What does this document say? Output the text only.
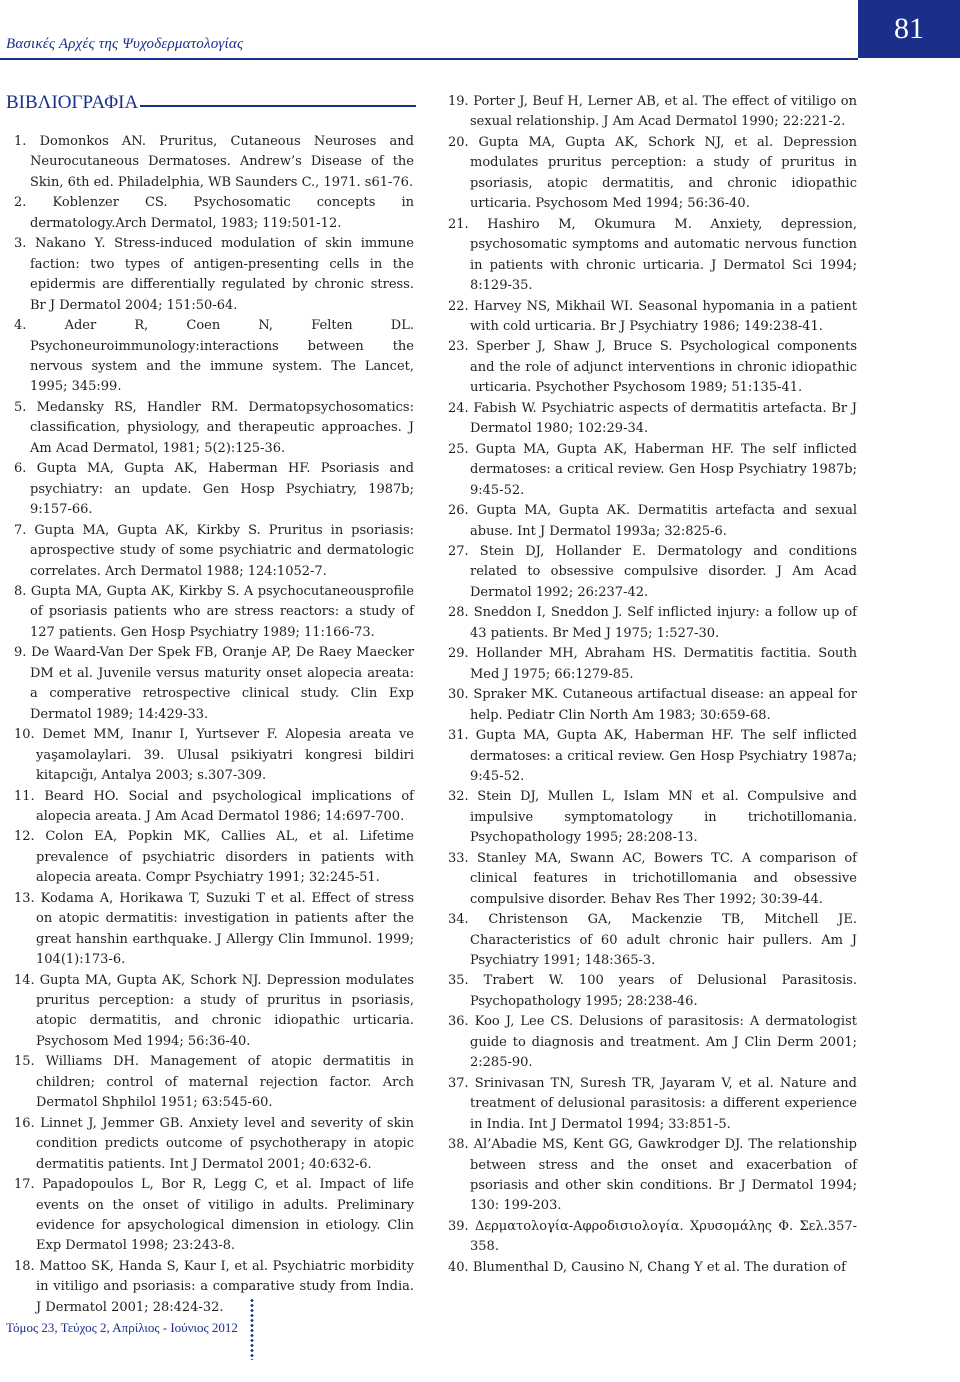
Βασικές Αρχές της Ψυχοδερματολογίας	81
ΒΙΒΛΙΟΓΡΑΦΙΑ

1. Domonkos AN. Pruritus, Cutaneous Neuroses and Neurocutaneous Dermatoses. Andrew’s Disease of the Skin, 6th ed. Philadelphia, WB Saunders C., 1971. s61-76.

2. Koblenzer CS. Psychosomatic concepts in dermatology.Arch Dermatol, 1983; 119:501-12.

3. Nakano Y. Stress-induced modulation of skin immune faction: two types of antigen-presenting cells in the epidermis are differentially regulated by chronic stress. Br J Dermatol 2004; 151:50-64.

4.	Ader R, Coen N, Felten DL. Psychoneuroimmunology:interactions between the nervous system and the immune system. The Lancet, 1995; 345:99.

5. Medansky RS, Handler RM. Dermatopsychosomatics: classification, physiology, and therapeutic approaches. J Am Acad Dermatol, 1981; 5(2):125-36.

6. Gupta MA, Gupta AK, Haberman HF. Psoriasis and psychiatry: an update. Gen Hosp Psychiatry, 1987b; 9:157-66.

7. Gupta MA, Gupta AK, Kirkby S. Pruritus in psoriasis: aprospective study of some psychiatric and dermatologic correlates. Arch Dermatol 1988; 124:1052-7.

8. Gupta MA, Gupta AK, Kirkby S. A psychocutaneousprofile of psoriasis patients who are stress reactors: a study of 127 patients. Gen Hosp Psychiatry 1989; 11:166-73.

9. De Waard-Van Der Spek FB, Oranje AP, De Raey Maecker DM et al. Juvenile versus maturity onset alopecia areata: a comperative retrospective clinical study. Clin Exp Dermatol 1989; 14:429-33.

10. Demet MM, Inanır I, Yurtsever F. Alopesia areata ve yaşamolaylari. 39. Ulusal psikiyatri kongresi bildiri kitapcığı, Antalya 2003; s.307-309.

11. Beard HO. Social and psychological implications of alopecia areata. J Am Acad Dermatol 1986; 14:697-700.

12. Colon EA, Popkin MK, Callies AL, et al. Lifetime prevalence of psychiatric disorders in patients with alopecia areata. Compr Psychiatry 1991; 32:245-51.

13. Kodama A, Horikawa T, Suzuki T et al. Effect of stress on atopic dermatitis: investigation in patients after the great hanshin earthquake. J Allergy Clin Immunol. 1999; 104(1):173-6.

14. Gupta MA, Gupta AK, Schork NJ. Depression modulates pruritus perception: a study of pruritus in psoriasis, atopic dermatitis, and chronic idiopathic urticaria. Psychosom Med 1994; 56:36-40.

15. Williams DH. Management of atopic dermatitis in children; control of maternal rejection factor. Arch Dermatol Shphilol 1951; 63:545-60.

16. Linnet J, Jemmer GB. Anxiety level and severity of skin condition predicts outcome of psychotherapy in atopic dermatitis patients. Int J Dermatol 2001; 40:632-6.

17. Papadopoulos L, Bor R, Legg C, et al. Impact of life events on the onset of vitiligo in adults. Preliminary evidence for apsychological dimension in etiology. Clin Exp Dermatol 1998; 23:243-8.

18. Mattoo SK, Handa S, Kaur I, et al. Psychiatric morbidity in vitiligo and psoriasis: a comparative study from India. J Dermatol 2001; 28:424-32.

19. Porter J, Beuf H, Lerner AB, et al. The effect of vitiligo on sexual relationship. J Am Acad Dermatol 1990; 22:221-2.

20. Gupta MA, Gupta AK, Schork NJ, et al. Depression modulates pruritus perception: a study of pruritus in psoriasis, atopic dermatitis, and chronic idiopathic urticaria. Psychosom Med 1994; 56:36-40.

21. Hashiro M, Okumura M. Anxiety, depression, psychosomatic symptoms and automatic nervous function in patients with chronic urticaria. J Dermatol Sci 1994; 8:129-35.

22. Harvey NS, Mikhail WI. Seasonal hypomania in a patient with cold urticaria. Br J Psychiatry 1986; 149:238-41.

23. Sperber J, Shaw J, Bruce S. Psychological components and the role of adjunct interventions in chronic idiopathic urticaria. Psychother Psychosom 1989; 51:135-41.

24. Fabish W. Psychiatric aspects of dermatitis artefacta. Br J Dermatol 1980; 102:29-34.

25. Gupta MA, Gupta AK, Haberman HF. The self inflicted dermatoses: a critical review. Gen Hosp Psychiatry 1987b; 9:45-52.

26. Gupta MA, Gupta AK. Dermatitis artefacta and sexual abuse. Int J Dermatol 1993a; 32:825-6.

27. Stein DJ, Hollander E. Dermatology and conditions related to obsessive compulsive disorder. J Am Acad Dermatol 1992; 26:237-42.

28. Sneddon I, Sneddon J. Self inflicted injury: a follow up of 43 patients. Br Med J 1975; 1:527-30.

29. Hollander MH, Abraham HS. Dermatitis factitia. South Med J 1975; 66:1279-85.

30. Spraker MK. Cutaneous artifactual disease: an appeal for help. Pediatr Clin North Am 1983; 30:659-68.

31. Gupta MA, Gupta AK, Haberman HF. The self inflicted dermatoses: a critical review. Gen Hosp Psychiatry 1987a; 9:45-52.

32. Stein DJ, Mullen L, Islam MN et al. Compulsive and impulsive symptomatology in trichotillomania. Psychopathology 1995; 28:208-13.

33. Stanley MA, Swann AC, Bowers TC. A comparison of clinical features in trichotillomania and obsessive compulsive disorder. Behav Res Ther 1992; 30:39-44.

34. Christenson GA, Mackenzie TB, Mitchell JE. Characteristics of 60 adult chronic hair pullers. Am J Psychiatry 1991; 148:365-3.

35. Trabert W. 100 years of Delusional Parasitosis. Psychopathology 1995; 28:238-46.

36. Koo J, Lee CS. Delusions of parasitosis: A dermatologist guide to diagnosis and treatment. Am J Clin Derm 2001; 2:285-90.

37. Srinivasan TN, Suresh TR, Jayaram V, et al. Nature and treatment of delusional parasitosis: a different experience in India. Int J Dermatol 1994; 33:851-5.

38. Al’Abadie MS, Kent GG, Gawkrodger DJ. The relationship between stress and the onset and exacerbation of psoriasis and other skin conditions. Br J Dermatol 1994; 130: 199-203.

39. Δερματολογία-Αφροδισιολογία. Χρυσομάλης Φ. Σελ.357-358.

40. Blumenthal D, Causino N, Chang Y et al. The duration of

Τόμος 23, Τεύχος 2, Απρίλιος - Ιούνιος 2012
